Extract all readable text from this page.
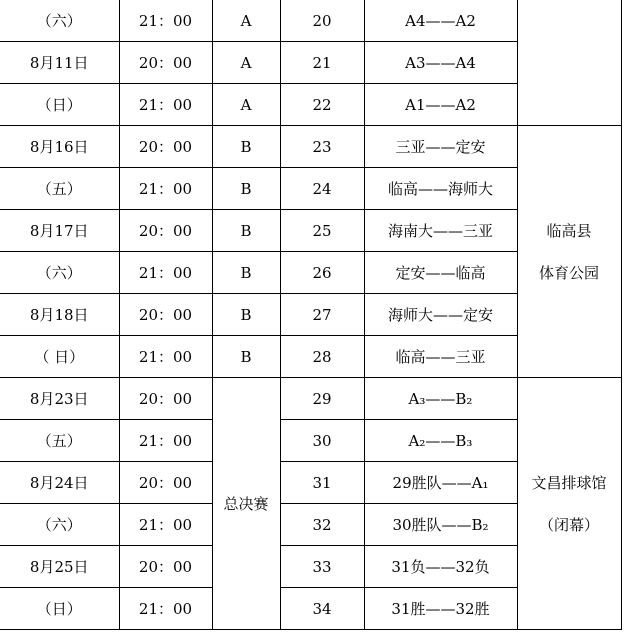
（六）	21：00	A	20	A4——A2	
8月11日	20：00	A	21	A3——A4	
（日）	21：00	A	22	A1——A2	
8月16日	20：00	B	23	三亚——定安	临高县
体育公园

（五）	21：00	B	24	临高——海师大	
8月17日	20：00	B	25	海南大——三亚	
（六）	21：00	B	26	定安——临高	
8月18日	20：00	B	27	海师大——定安	
（ 日）	21：00	B	28	临高——三亚	
8月23日	20：00	总决赛	29	A₃——B₂	文昌排球馆
（闭幕）

（五）	21：00		30	A₂——B₃	
8月24日	20：00		31	29胜队——A₁	
（六）	21：00		32	30胜队——B₂	
8月25日	20：00		33	31负——32负	
（日）	21：00		34	31胜——32胜	
